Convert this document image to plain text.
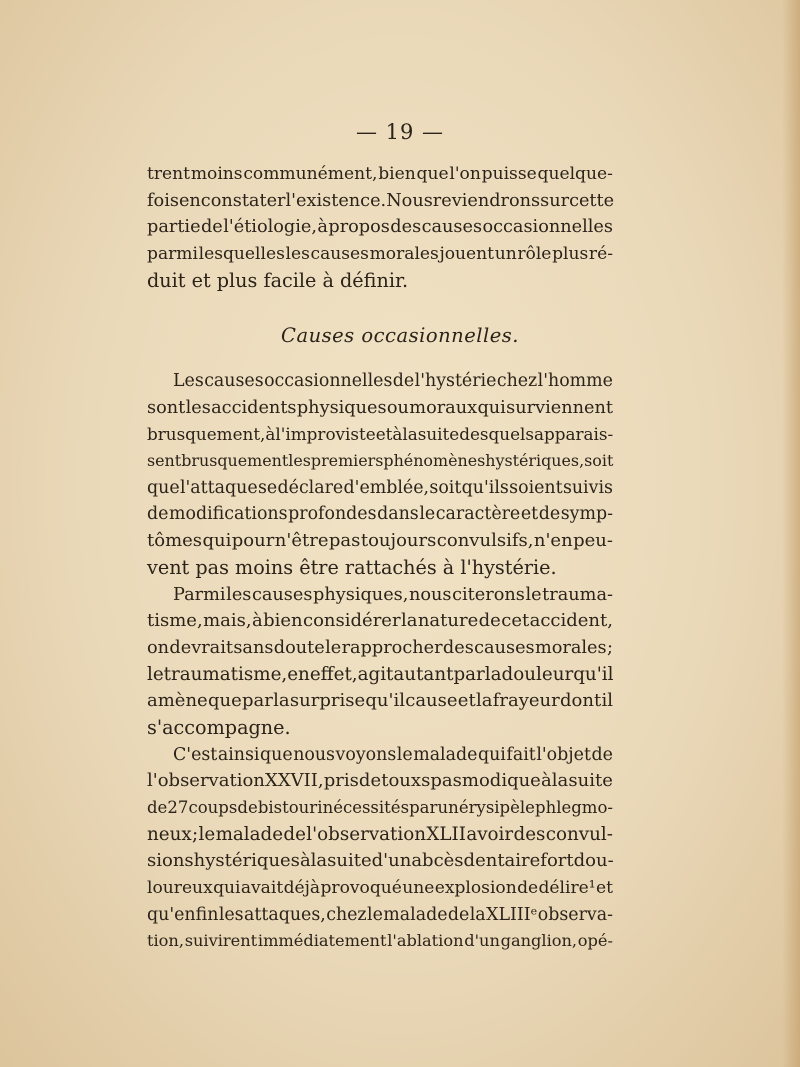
— 19 —
trent moins communément, bien que l'on puisse quelque-
fois en constater l'existence. Nous reviendrons sur cette
partie de l'étiologie, à propos des causes occasionnelles
parmi lesquelles les causes morales jouent un rôle plus ré-
duit et plus facile à définir.
Causes occasionnelles.
Les causes occasionnelles de l'hystérie chez l'homme
sont les accidents physiques ou moraux qui surviennent
brusquement, à l'improviste et à la suite desquels apparais-
sent brusquement les premiers phénomènes hystériques, soit
que l'attaque se déclare d'emblée, soit qu'ils soient suivis
de modifications profondes dans le caractère et de symp-
tômes qui pour n'être pas toujours convulsifs, n'en peu-
vent pas moins être rattachés à l'hystérie.
Parmi les causes physiques, nous citerons le trauma-
tisme, mais, à bien considérer la nature de cet accident,
on devrait sans doute le rapprocher des causes morales ;
le traumatisme, en effet, agit autant par la douleur qu'il
amène que par la surprise qu'il cause et la frayeur dont il
s'accompagne.
C'est ainsi que nous voyons le malade qui fait l'objet de
l'observation XXVII, pris de toux spasmodique à la suite
de 27 coups de bistouri nécessités par un érysipèle phlegmo-
neux ; le malade de l'observation XLII avoir des convul-
sions hystériques à la suite d'un abcès dentaire fort dou-
loureux qui avait déjà provoqué une explosion de délire¹ et
qu'enfin les attaques, chez le malade de la XLIIIᵉ observa-
tion, suivirent immédiatement l'ablation d'un ganglion, opé-
